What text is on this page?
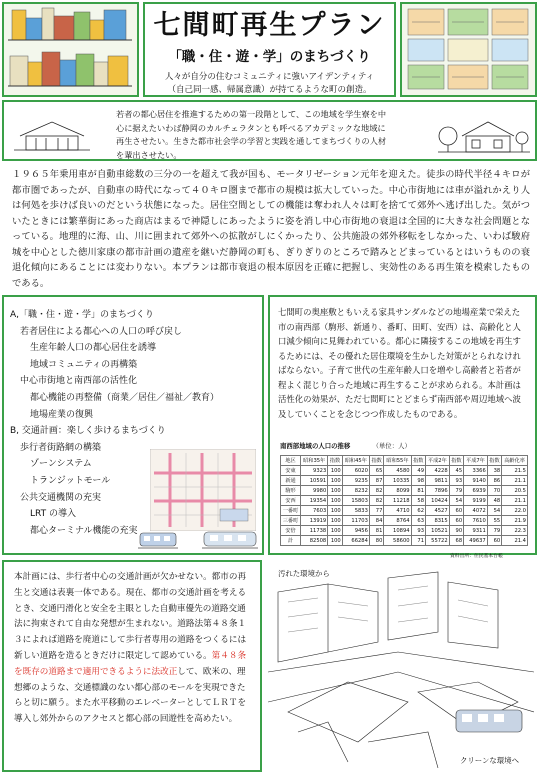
七間町再生プラン
「職・住・遊・学」のまちづくり
人々が自分の住むコミュニティに強いアイデンティティ
（自己同一感、帰属意識）が持てるような町の創造。
若者の都心居住を推進するための第一段階として、この地域を学生寮を中心に据えたいわば静岡のカルチェラタンとも呼べるアカデミックな地域に再生させたい。生きた都市社会学の学習と実践を通してまちづくりの人材を輩出させたい。
１９６５年乗用車が自動車総数の三分の一を超えて我が国も、モータリゼーション元年を迎えた。徒歩の時代半径４キロが都市圏であったが、自動車の時代になって４０キロ圏まで都市の規模は拡大していった。中心市街地には車が溢れかえり人は何処を歩けば良いのだという状態になった。居住空間としての機能は奪われ人々は町を捨てて郊外へ逃げ出した。気がついたときには繁華街にあった商店はまるで神隠しにあったように姿を消し中心市街地の衰退は全国的に大きな社会問題となっている。地理的に海、山、川に囲まれて郊外への拡散がしにくかったり、公共施設の郊外移転をしなかった、いわば駿府城を中心とした徳川家康の都市計画の遺産を継いだ静岡の町も、ぎりぎりのところで踏みとどまっているとはいうものの衰退化傾向にあることには変わりない。本プランは都市衰退の根本原因を正確に把握し、実効性のある再生策を模索したものである。
A,「職・住・遊・学」のまちづくり
若者居住による都心への人口の呼び戻し
生産年齢人口の都心居住を誘導
地域コミュニティの再構築
中心市街地と南西部の活性化
都心機能の再整備（商業／居住／福祉／教育）
地場産業の復興
B, 交通計画：楽しく歩けるまちづくり
歩行者街路網の構築
ゾーンシステム
トランジットモール
公共交通機関の充実
LRT の導入
都心ターミナル機能の充実
七間町の奥座敷ともいえる家具サンダルなどの地場産業で栄えた市の南西部（駒形、新通り、番町、田町、安西）は、高齢化と人口減少傾向に見舞われている。都心に隣接するこの地域を再生するためには、その優れた居住環境を生かした対策がとられなければならない。子育て世代の生産年齢人口を増やし高齢者と若者が程よく混じり合った地域に再生することが求められる。本計画は活性化の効果が、ただ七間町にとどまらず南西部や周辺地域へ波及していくことを念じつつ作成したものである。
南西部地域の人口の推移	（単位：人）
地区	昭和35年	指数	昭和45年	指数	昭和55年	指数	平成2年	指数	平成7年	指数	高齢化率
安東	9323	100	6020	65	4580	49	4228	45	3366	38	21.5
新通	10591	100	9235	87	10335	98	9811	93	9140	86	21.1
駒形	9980	100	8232	82	8099	81	7896	79	6939	70	20.5
安西	19354	100	15803	82	11218	58	10424	54	9199	48	21.1
一番町	7603	100	5833	77	4710	62	4527	60	4072	54	22.0
三番町	13919	100	11703	84	8764	63	8315	60	7610	55	21.9
安倍	11738	100	9456	81	10894	93	10521	90	9311	79	22.3
計	82508	100	66284	80	58600	71	55722	68	49637	60	21.4
資料出所：住民基本台帳
本計画には、歩行者中心の交通計画が欠かせない。都市の再生と交通は表裏一体である。現在、都市の交通計画を考えるとき、交通円滑化と安全を主眼とした自動車優先の道路交通法に拘束されて自由な発想が生まれない。道路法第４８条１３によれば道路を廃道にして歩行者専用の道路をつくるには新しい道路を造るときだけに限定して認めている。第４８条を既存の道路まで適用できるように法改正して、欧米の、理想郷のような、交通標識のない都心部のモールを実現できたらと切に願う。また水平移動のエレベーターとしてＬＲＴを導入し郊外からのアクセスと都心部の回遊性を高めたい。
汚れた環境から
クリーンな環境へ
